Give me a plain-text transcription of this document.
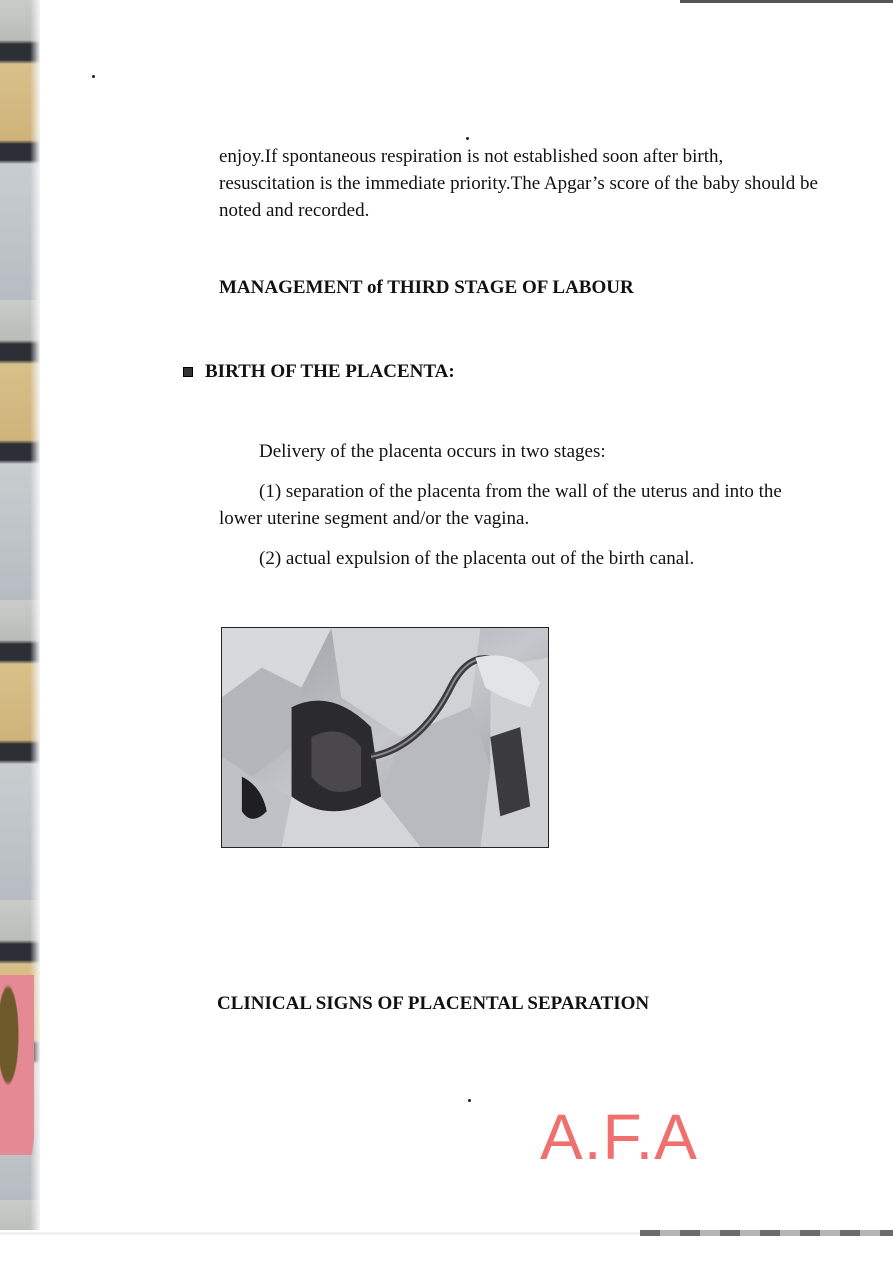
enjoy.If spontaneous respiration is not established soon after birth, resuscitation is the immediate priority.The Apgar’s score of the baby should be noted and recorded.

MANAGEMENT of THIRD STAGE OF LABOUR
BIRTH OF THE PLACENTA:

Delivery of the placenta occurs in two stages:

(1) separation of the placenta from the wall of the uterus and into the lower uterine segment and/or the vagina.

(2) actual expulsion of the placenta out of the birth canal.

CLINICAL SIGNS OF PLACENTAL SEPARATION
A.F.A
